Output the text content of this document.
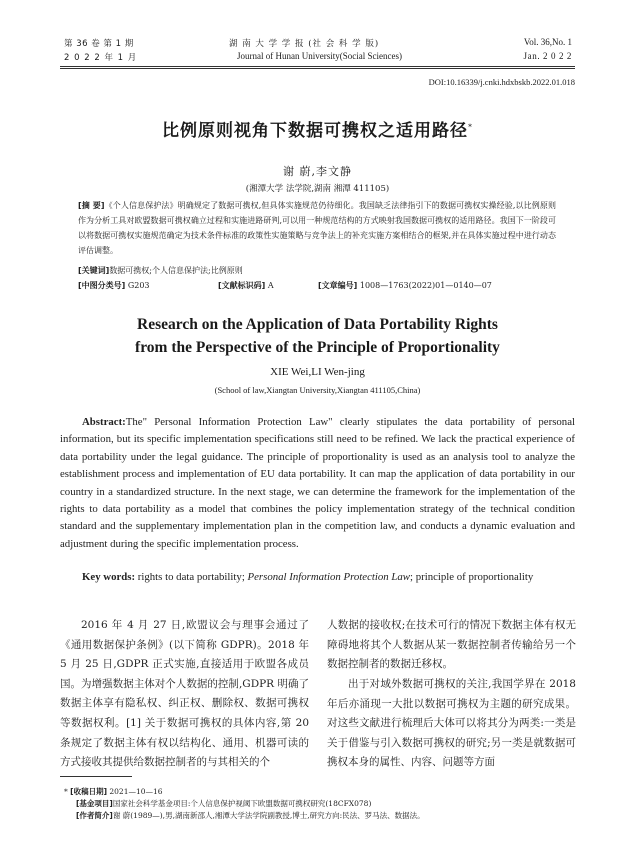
第 36 卷 第 1 期
2 0 2 2 年 1 月
湖 南 大 学 学 报 (社 会 科 学 版)
Journal of Hunan University(Social Sciences)
Vol. 36,No. 1
Jan. 2 0 2 2
DOI:10.16339/j.cnki.hdxbskb.2022.01.018
比例原则视角下数据可携权之适用路径*
谢 蔚,李文静
(湘潭大学 法学院,湖南 湘潭 411105)
[摘 要]《个人信息保护法》明确规定了数据可携权,但具体实施规范仍待细化。我国缺乏法律指引下的数据可携权实操经验,以比例原则作为分析工具对欧盟数据可携权确立过程和实施进路研判,可以用一种规范结构的方式映射我国数据可携权的适用路径。我国下一阶段可以将数据可携权实施规范确定为技术条件标准的政策性实施策略与竞争法上的补充实施方案相结合的框架,并在具体实施过程中进行动态评估调整。
[关键词]数据可携权;个人信息保护法;比例原则
[中图分类号] G203	[文献标识码] A	[文章编号] 1008—1763(2022)01—0140—07
Research on the Application of Data Portability Rights
from the Perspective of the Principle of Proportionality
XIE Wei,LI Wen-jing
(School of law,Xiangtan University,Xiangtan 411105,China)
Abstract:The" Personal Information Protection Law" clearly stipulates the data portability of personal information, but its specific implementation specifications still need to be refined. We lack the practical experience of data portability under the legal guidance. The principle of proportionality is used as an analysis tool to analyze the establishment process and implementation of EU data portability. It can map the application of data portability in our country in a standardized structure. In the next stage, we can determine the framework for the implementation of the rights to data portability as a model that combines the policy implementation strategy of the technical condition standard and the supplementary implementation plan in the competition law, and conducts a dynamic evaluation and adjustment during the specific implementation process.
Key words: rights to data portability; Personal Information Protection Law; principle of proportionality
2016 年 4 月 27 日,欧盟议会与理事会通过了《通用数据保护条例》(以下简称 GDPR)。2018 年 5 月 25 日,GDPR 正式实施,直接适用于欧盟各成员国。为增强数据主体对个人数据的控制,GDPR 明确了数据主体享有隐私权、纠正权、删除权、数据可携权等数据权利。[1] 关于数据可携权的具体内容,第 20 条规定了数据主体有权以结构化、通用、机器可读的方式接收其提供给数据控制者的与其相关的个
人数据的接收权;在技术可行的情况下数据主体有权无障碍地将其个人数据从某一数据控制者传输给另一个数据控制者的数据迁移权。
出于对域外数据可携权的关注,我国学界在 2018 年后亦涌现一大批以数据可携权为主题的研究成果。对这些文献进行梳理后大体可以将其分为两类:一类是关于借鉴与引入数据可携权的研究;另一类是就数据可携权本身的属性、内容、问题等方面
* [收稿日期] 2021—10—16
[基金项目]国家社会科学基金项目:个人信息保护视阈下欧盟数据可携权研究(18CFX078)
[作者简介]谢 蔚(1989—),男,湖南新邵人,湘潭大学法学院副教授,博士,研究方向:民法、罗马法、数据法。
